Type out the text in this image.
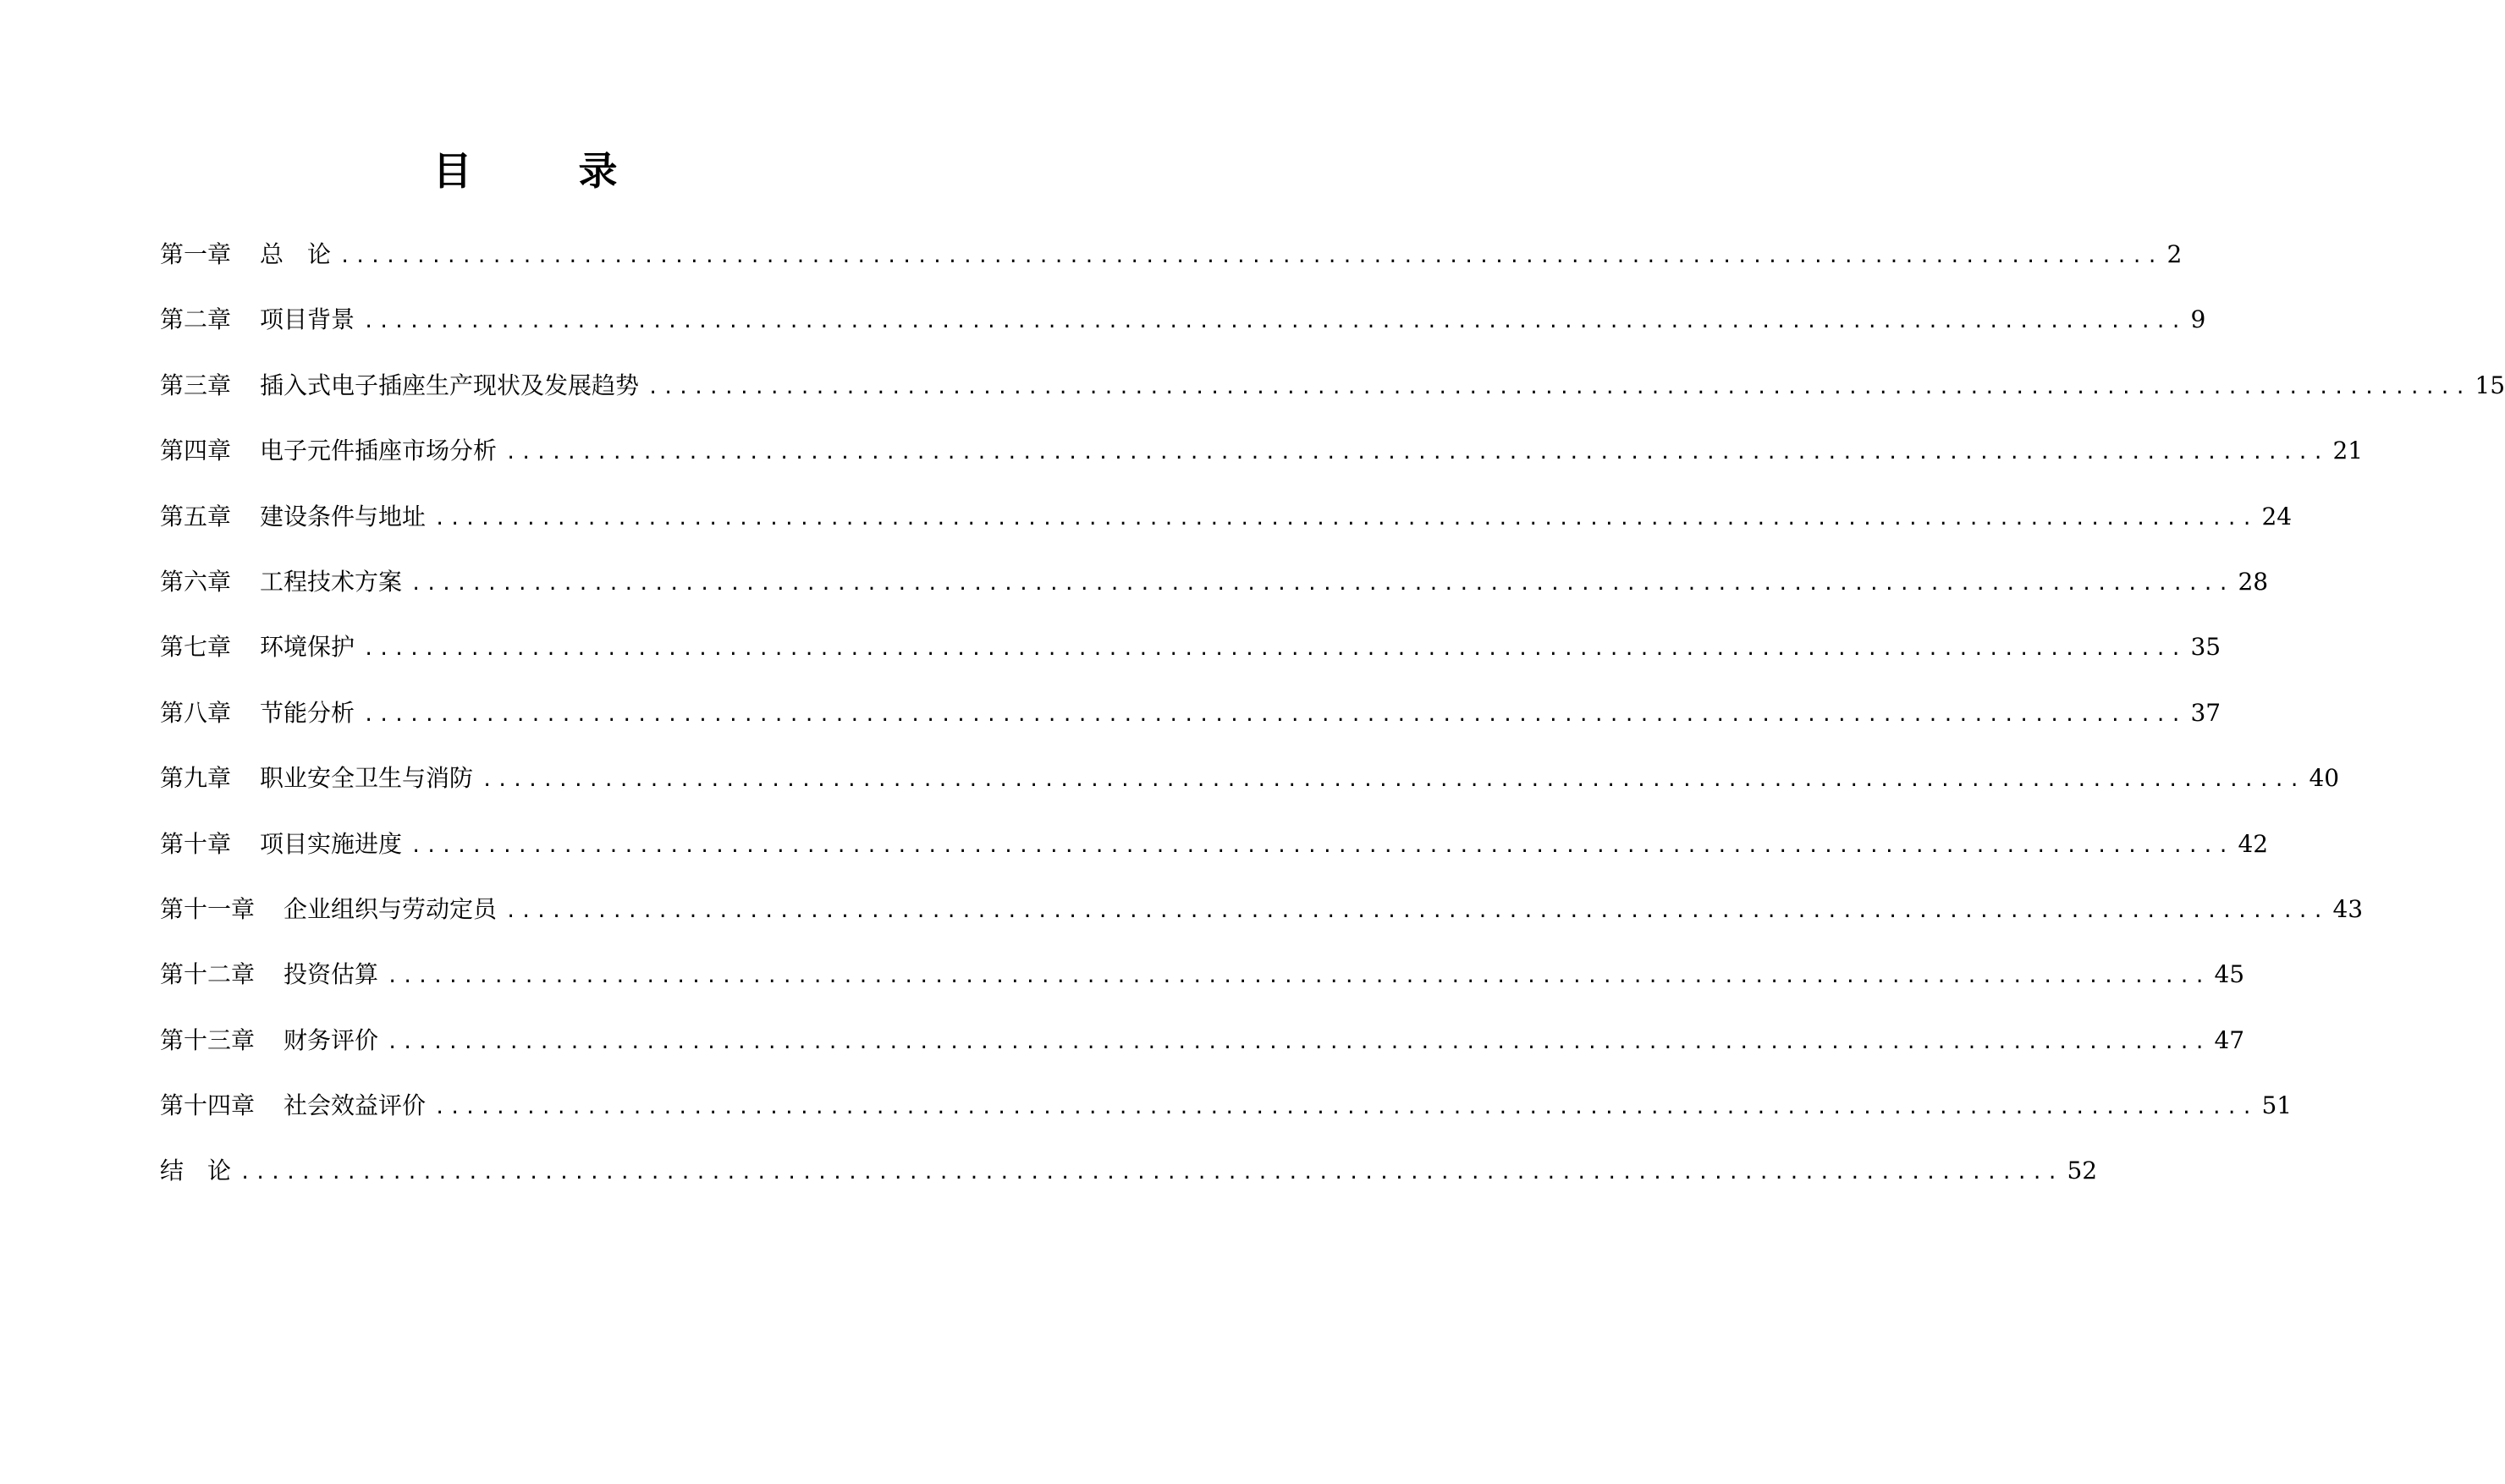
目　录
第一章 总　论 ........................................................................................................................ 2
第二章 项目背景 ........................................................................................................................ 9
第三章 插入式电子插座生产现状及发展趋势 ........................................................................................................................ 15
第四章 电子元件插座市场分析 ........................................................................................................................ 21
第五章 建设条件与地址 ........................................................................................................................ 24
第六章 工程技术方案 ........................................................................................................................ 28
第七章 环境保护 ........................................................................................................................ 35
第八章 节能分析 ........................................................................................................................ 37
第九章 职业安全卫生与消防 ........................................................................................................................ 40
第十章 项目实施进度 ........................................................................................................................ 42
第十一章 企业组织与劳动定员 ........................................................................................................................ 43
第十二章 投资估算 ........................................................................................................................ 45
第十三章 财务评价 ........................................................................................................................ 47
第十四章 社会效益评价 ........................................................................................................................ 51
结　论 ........................................................................................................................ 52
